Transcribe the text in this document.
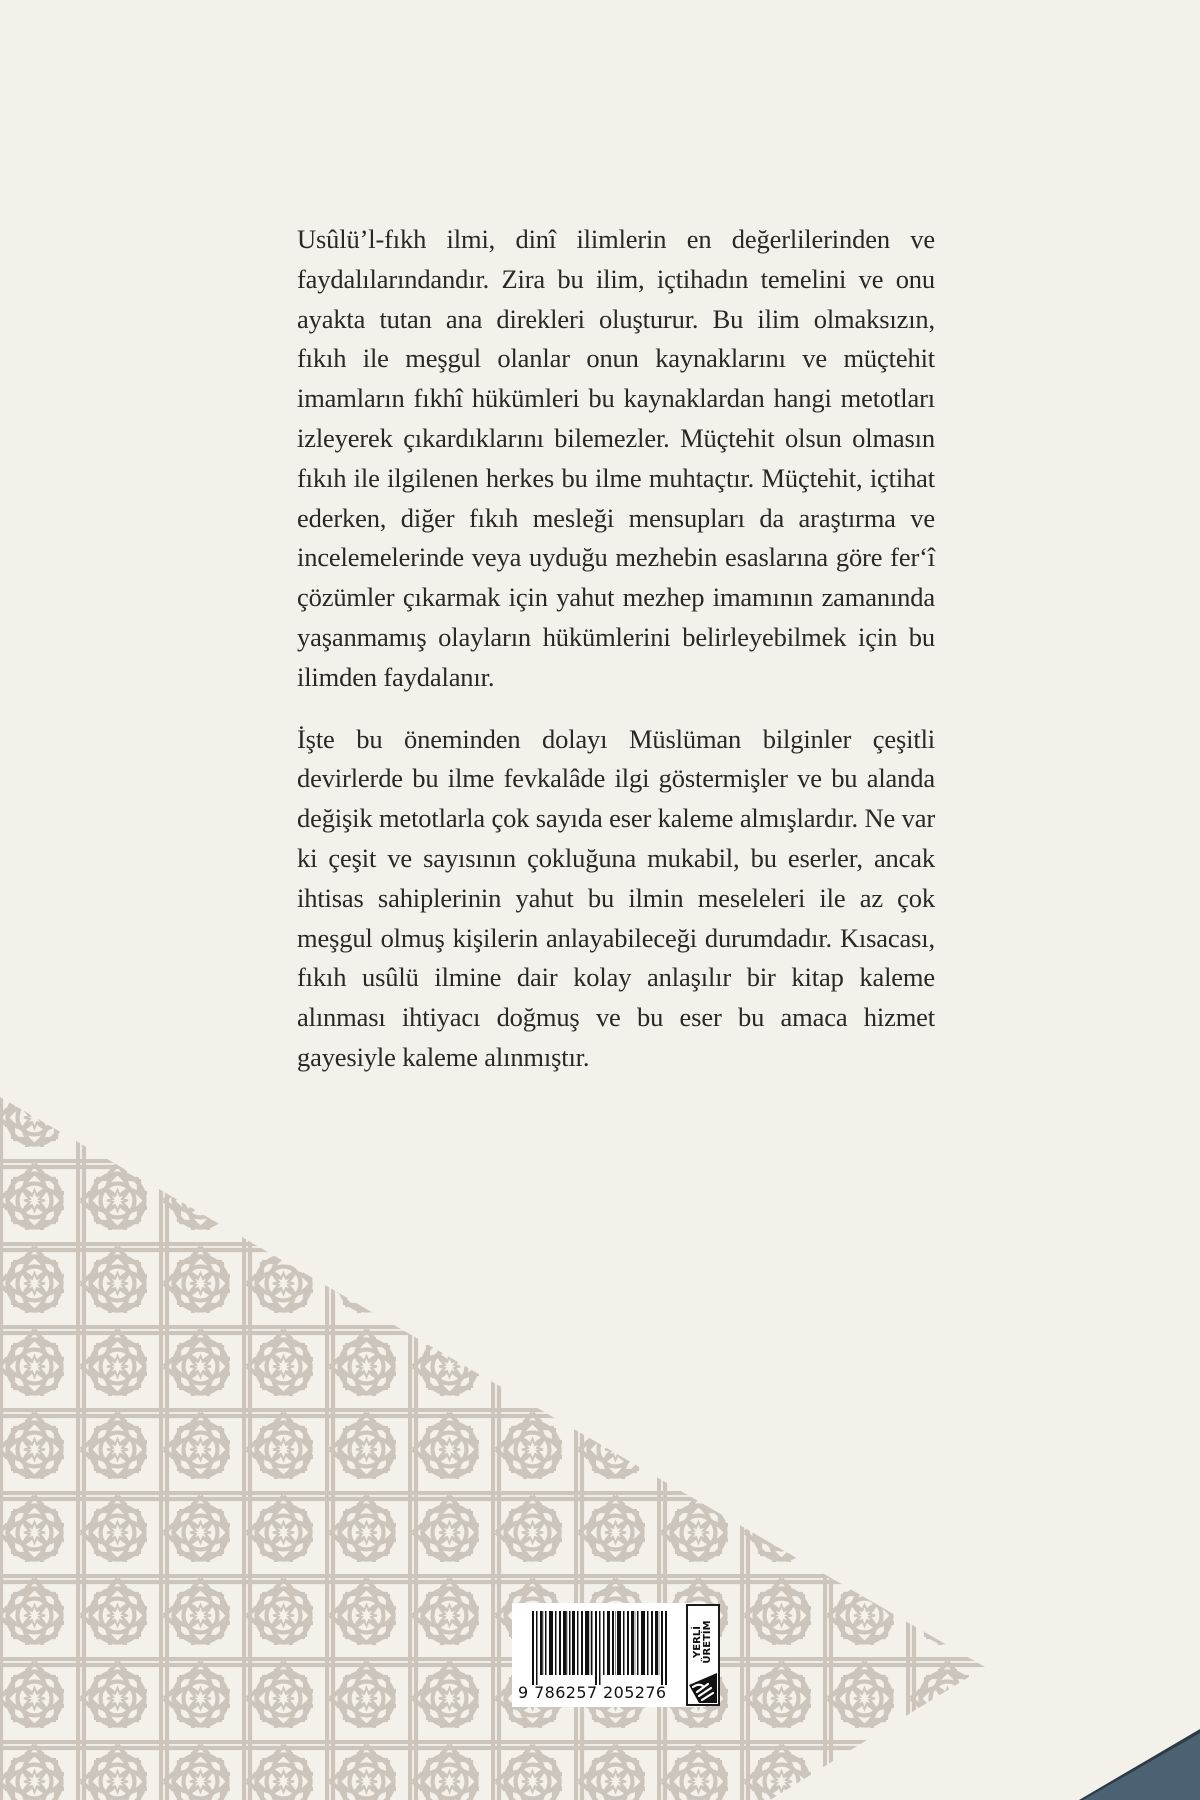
Usûlü’l-fıkh ilmi, dinî ilimlerin en değerlilerinden ve faydalılarındandır. Zira bu ilim, içtihadın temelini ve onu ayakta tutan ana direkleri oluşturur. Bu ilim olmaksızın, fıkıh ile meşgul olanlar onun kaynaklarını ve müçtehit imamların fıkhî hükümleri bu kaynaklardan hangi metotları izleyerek çıkardıklarını bilemezler. Müçtehit olsun olmasın fıkıh ile ilgilenen herkes bu ilme muhtaçtır. Müçtehit, içtihat ederken, diğer fıkıh mesleği mensupları da araştırma ve incelemelerinde veya uyduğu mezhebin esaslarına göre fer‘î çözümler çıkarmak için yahut mezhep imamının zamanında yaşanmamış olayların hükümlerini belirleyebilmek için bu ilimden faydalanır.

İşte bu öneminden dolayı Müslüman bilginler çeşitli devirlerde bu ilme fevkalâde ilgi göstermişler ve bu alanda değişik metotlarla çok sayıda eser kaleme almışlardır. Ne var ki çeşit ve sayısının çokluğuna mukabil, bu eserler, ancak ihtisas sahiplerinin yahut bu ilmin meseleleri ile az çok meşgul olmuş kişilerin anlayabileceği durumdadır. Kısacası, fıkıh usûlü ilmine dair kolay anlaşılır bir kitap kaleme alınması ihtiyacı doğmuş ve bu eser bu amaca hizmet gayesiyle kaleme alınmıştır.

9 786257 205276
YERLİ ÜRETİM
